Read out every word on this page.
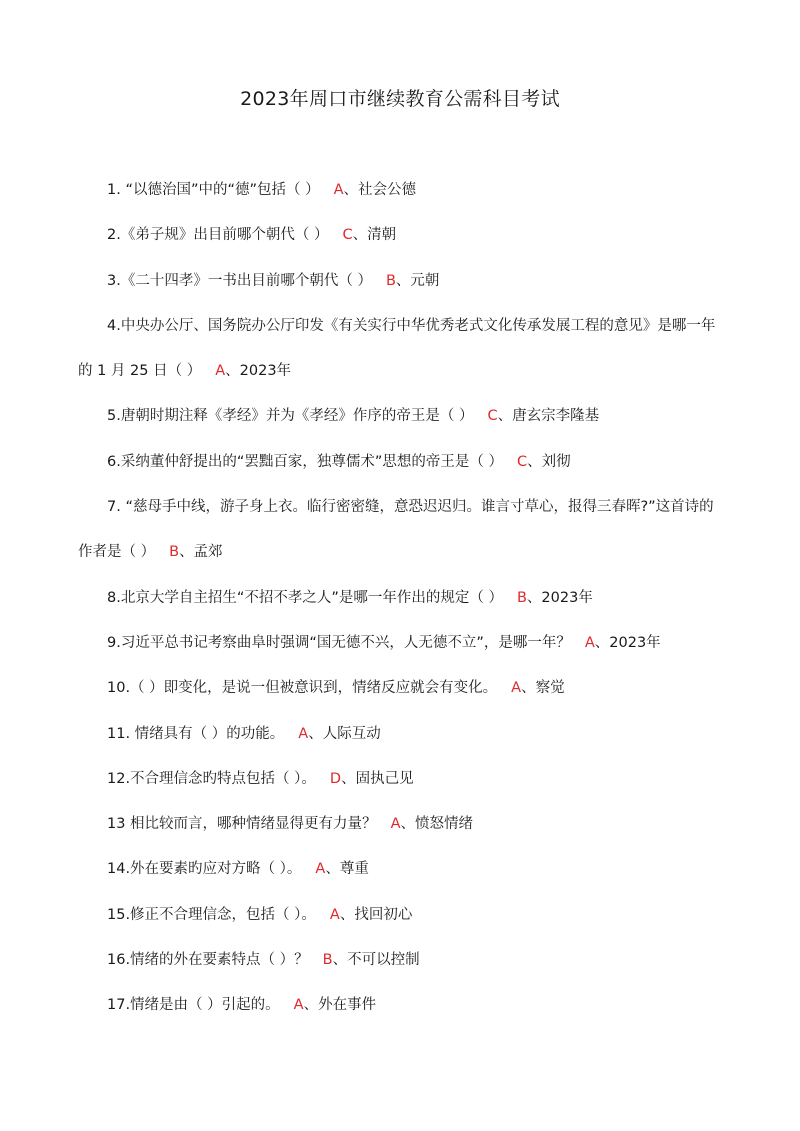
2023年周口市继续教育公需科目考试
1. “以德治国”中的“德”包括（ ） A、社会公德
2.《弟子规》出目前哪个朝代（ ） C、清朝
3.《二十四孝》一书出目前哪个朝代（ ） B、元朝
4.中央办公厅、国务院办公厅印发《有关实行中华优秀老式文化传承发展工程的意见》是哪一年的 1 月 25 日（ ） A、2023年
5.唐朝时期注释《孝经》并为《孝经》作序的帝王是（ ） C、唐玄宗李隆基
6.采纳董仲舒提出的“罢黜百家，独尊儒术”思想的帝王是（ ） C、刘彻
7. “慈母手中线，游子身上衣。临行密密缝，意恐迟迟归。谁言寸草心，报得三春晖?”这首诗的作者是（ ） B、孟郊
8.北京大学自主招生“不招不孝之人”是哪一年作出的规定（ ） B、2023年
9.习近平总书记考察曲阜时强调“国无德不兴，人无德不立”，是哪一年？ A、2023年
10.（ ）即变化，是说一但被意识到，情绪反应就会有变化。 A、察觉
11. 情绪具有（ ）的功能。 A、人际互动
12.不合理信念旳特点包括（ ）。 D、固执己见
13 相比较而言，哪种情绪显得更有力量？ A、愤怒情绪
14.外在要素旳应对方略（ ）。 A、尊重
15.修正不合理信念，包括（ ）。 A、找回初心
16.情绪的外在要素特点（ ）？ B、不可以控制
17.情绪是由（ ）引起的。 A、外在事件
